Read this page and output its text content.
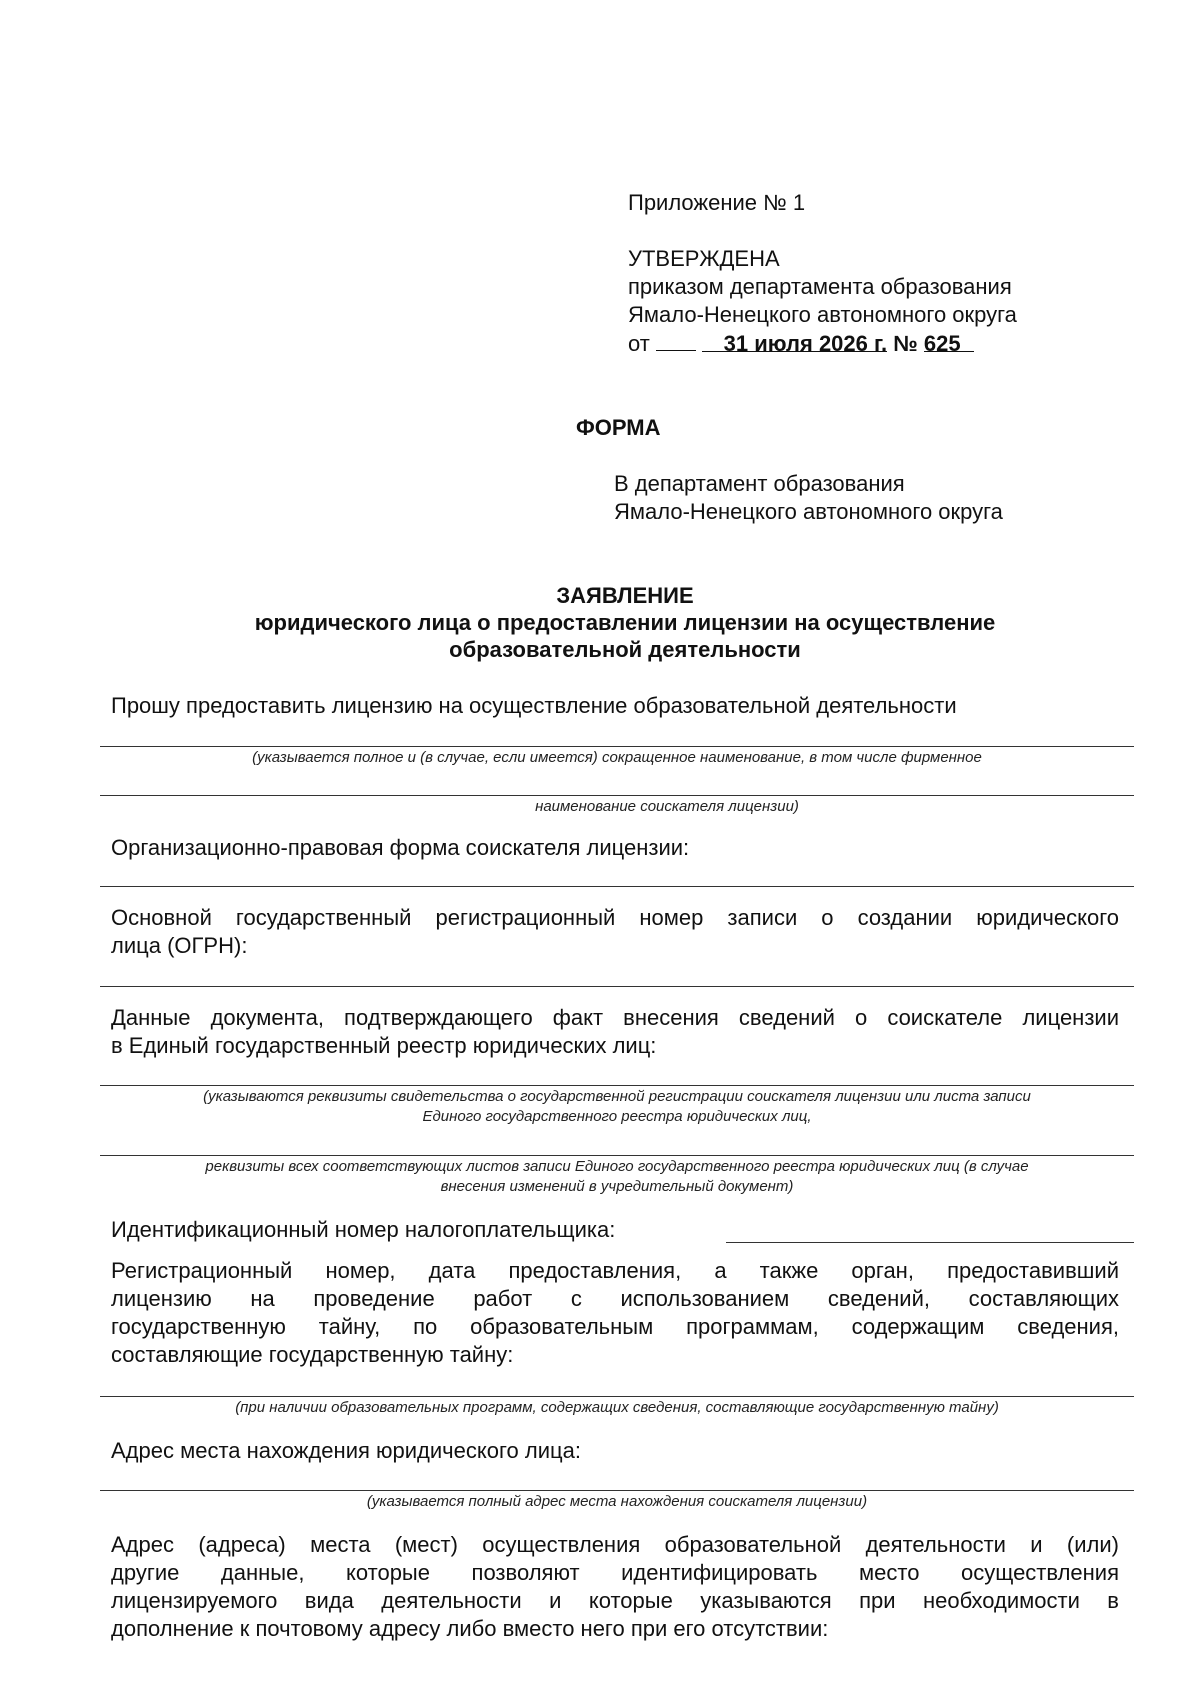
Приложение № 1
УТВЕРЖДЕНА
приказом департамента образования
Ямало-Ненецкого автономного округа
от	31 июля 2026 г. № 625
ФОРМА
В департамент образования
Ямало-Ненецкого автономного округа
ЗАЯВЛЕНИЕ
юридического лица о предоставлении лицензии на осуществление
образовательной деятельности
Прошу предоставить лицензию на осуществление образовательной деятельности
(указывается полное и (в случае, если имеется) сокращенное наименование, в том числе фирменное
наименование соискателя лицензии)
Организационно-правовая форма соискателя лицензии:
Основной государственный регистрационный номер записи о создании юридического
лица (ОГРН):
Данные документа, подтверждающего факт внесения сведений о соискателе лицензии
в Единый государственный реестр юридических лиц:
(указываются реквизиты свидетельства о государственной регистрации соискателя лицензии или листа записи
Единого государственного реестра юридических лиц,
реквизиты всех соответствующих листов записи Единого государственного реестра юридических лиц (в случае
внесения изменений в учредительный документ)
Идентификационный номер налогоплательщика:
Регистрационный номер, дата предоставления, а также орган, предоставивший
лицензию на проведение работ с использованием сведений, составляющих
государственную тайну, по образовательным программам, содержащим сведения,
составляющие государственную тайну:
(при наличии образовательных программ, содержащих сведения, составляющие государственную тайну)
Адрес места нахождения юридического лица:
(указывается полный адрес места нахождения соискателя лицензии)
Адрес (адреса) места (мест) осуществления образовательной деятельности и (или)
другие данные, которые позволяют идентифицировать место осуществления
лицензируемого вида деятельности и которые указываются при необходимости в
дополнение к почтовому адресу либо вместо него при его отсутствии:
